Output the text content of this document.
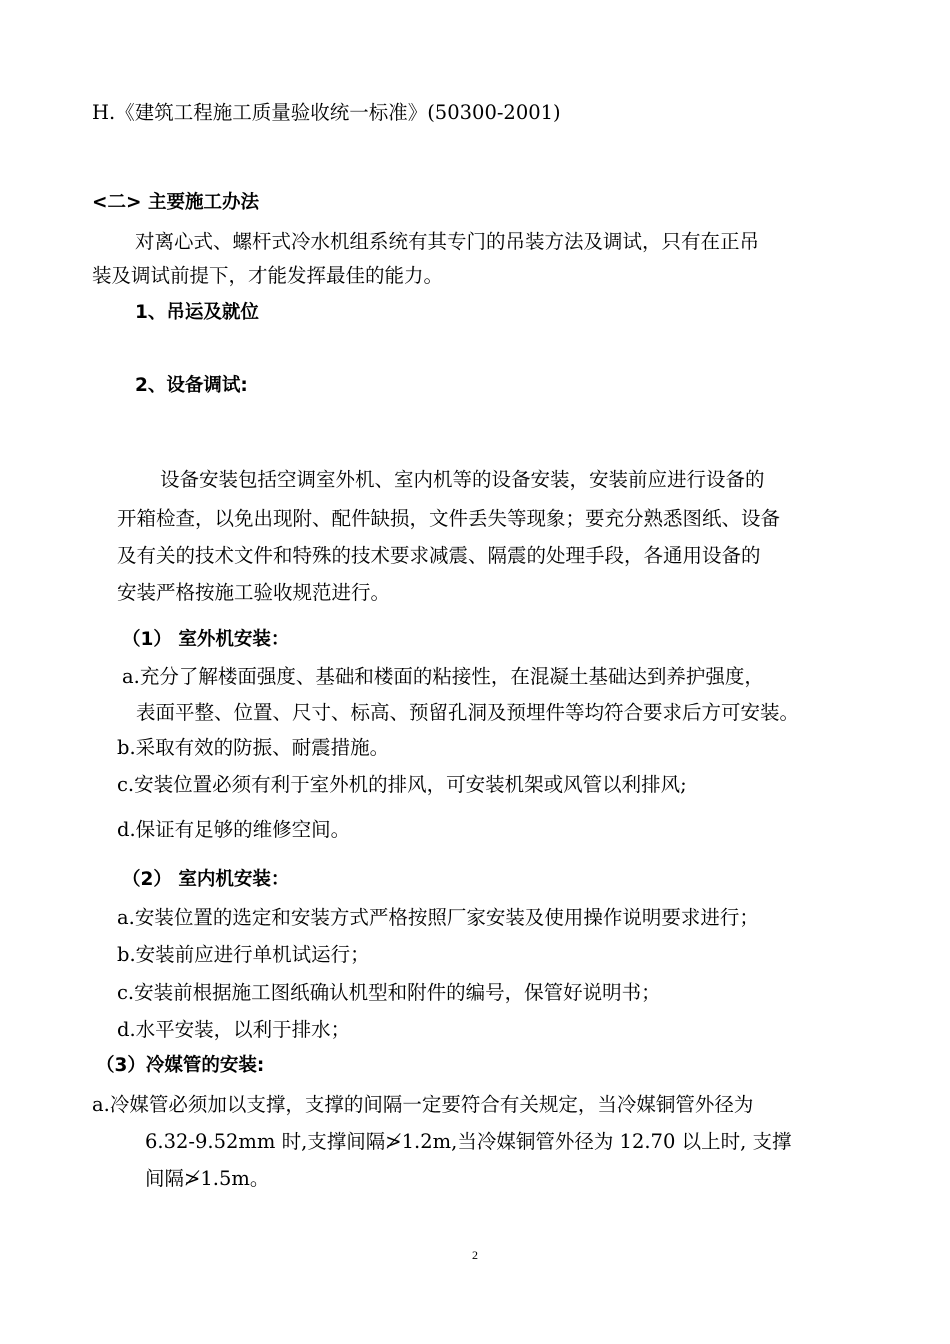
H.《建筑工程施工质量验收统一标准》(50300-2001)
<二> 主要施工办法
对离心式、螺杆式冷水机组系统有其专门的吊装方法及调试，只有在正吊
装及调试前提下，才能发挥最佳的能力。
1、吊运及就位
2、设备调试:
设备安装包括空调室外机、室内机等的设备安装，安装前应进行设备的
开箱检查，以免出现附、配件缺损，文件丢失等现象；要充分熟悉图纸、设备
及有关的技术文件和特殊的技术要求减震、隔震的处理手段，各通用设备的
安装严格按施工验收规范进行。
（1） 室外机安装：
a.充分了解楼面强度、基础和楼面的粘接性，在混凝土基础达到养护强度，
表面平整、位置、尺寸、标高、预留孔洞及预埋件等均符合要求后方可安装。
b.采取有效的防振、耐震措施。
c.安装位置必须有利于室外机的排风，可安装机架或风管以利排风;
d.保证有足够的维修空间。
（2） 室内机安装：
a.安装位置的选定和安装方式严格按照厂家安装及使用操作说明要求进行；
b.安装前应进行单机试运行；
c.安装前根据施工图纸确认机型和附件的编号，保管好说明书；
d.水平安装，以利于排水；
（3）冷媒管的安装:
a.冷媒管必须加以支撑，支撑的间隔一定要符合有关规定，当冷媒铜管外径为
6.32-9.52mm 时,支撑间隔≯1.2m,当冷媒铜管外径为 12.70 以上时, 支撑
间隔≯1.5m。
2
